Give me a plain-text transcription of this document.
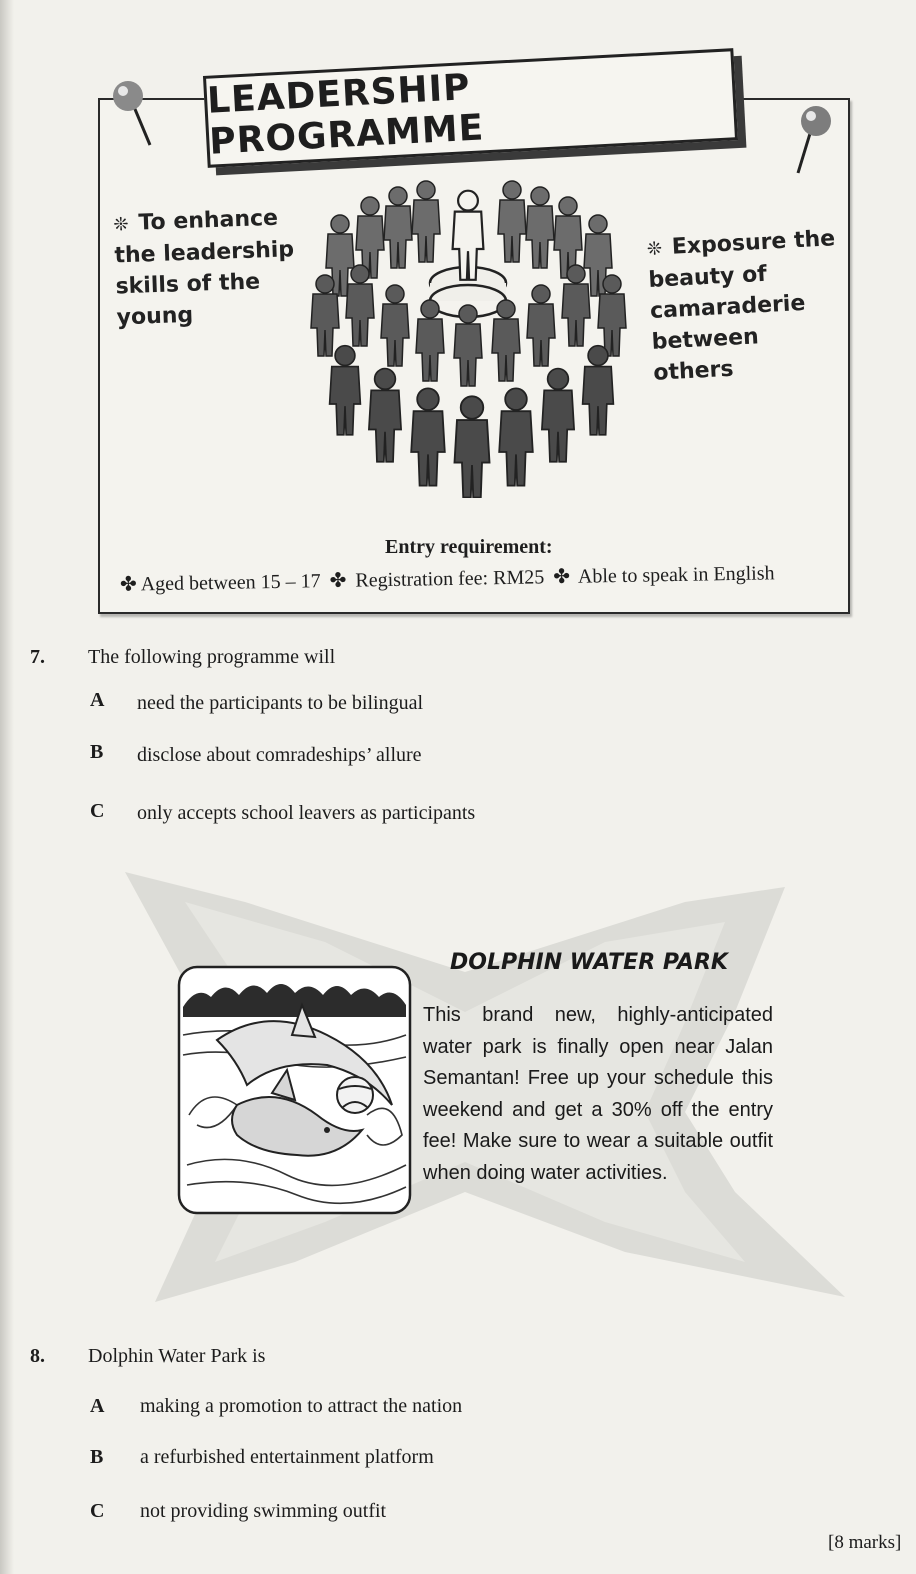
LEADERSHIP PROGRAMME
❊ To enhance the leadership skills of the young
❊ Exposure the beauty of camaraderie between others
Entry requirement:
✤ Aged between 15 – 17 ✤ Registration fee: RM25 ✤ Able to speak in English
7. The following programme will
A need the participants to be bilingual
B disclose about comradeships’ allure
C only accepts school leavers as participants
DOLPHIN WATER PARK
This brand new, highly-anticipated water park is finally open near Jalan Semantan! Free up your schedule this weekend and get a 30% off the entry fee! Make sure to wear a suitable outfit when doing water activities.
8. Dolphin Water Park is
A making a promotion to attract the nation
B a refurbished entertainment platform
C not providing swimming outfit
[8 marks]
